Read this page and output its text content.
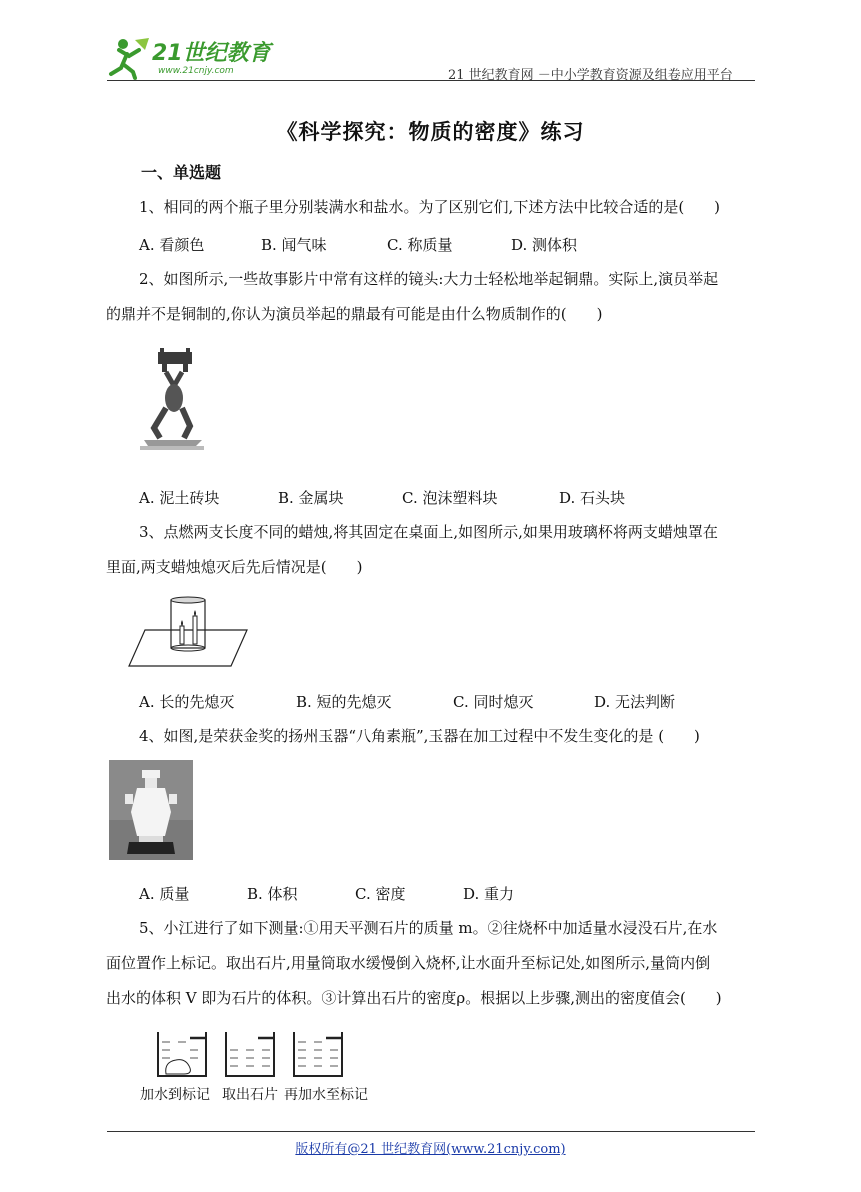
21世纪教育
www.21cnjy.com	21 世纪教育网 －中小学教育资源及组卷应用平台
《科学探究：物质的密度》练习
一、单选题
1、相同的两个瓶子里分别装满水和盐水。为了区别它们,下述方法中比较合适的是(　　)
A. 看颜色	B. 闻气味	C. 称质量	D. 测体积
2、如图所示,一些故事影片中常有这样的镜头:大力士轻松地举起铜鼎。实际上,演员举起
的鼎并不是铜制的,你认为演员举起的鼎最有可能是由什么物质制作的(　　)
A. 泥土砖块	B. 金属块	C. 泡沫塑料块	D. 石头块
3、点燃两支长度不同的蜡烛,将其固定在桌面上,如图所示,如果用玻璃杯将两支蜡烛罩在
里面,两支蜡烛熄灭后先后情况是(　　)
A. 长的先熄灭	B. 短的先熄灭	C. 同时熄灭	D. 无法判断
4、如图,是荣获金奖的扬州玉器“八角素瓶”,玉器在加工过程中不发生变化的是 (　　)
A. 质量	B. 体积	C. 密度	D. 重力
5、小江进行了如下测量:①用天平测石片的质量 m。②往烧杯中加适量水浸没石片,在水
面位置作上标记。取出石片,用量筒取水缓慢倒入烧杯,让水面升至标记处,如图所示,量筒内倒
出水的体积 V 即为石片的体积。③计算出石片的密度ρ。根据以上步骤,测出的密度值会(　　)
加水到标记 取出石片 再加水至标记
版权所有@21 世纪教育网(www.21cnjy.com)
